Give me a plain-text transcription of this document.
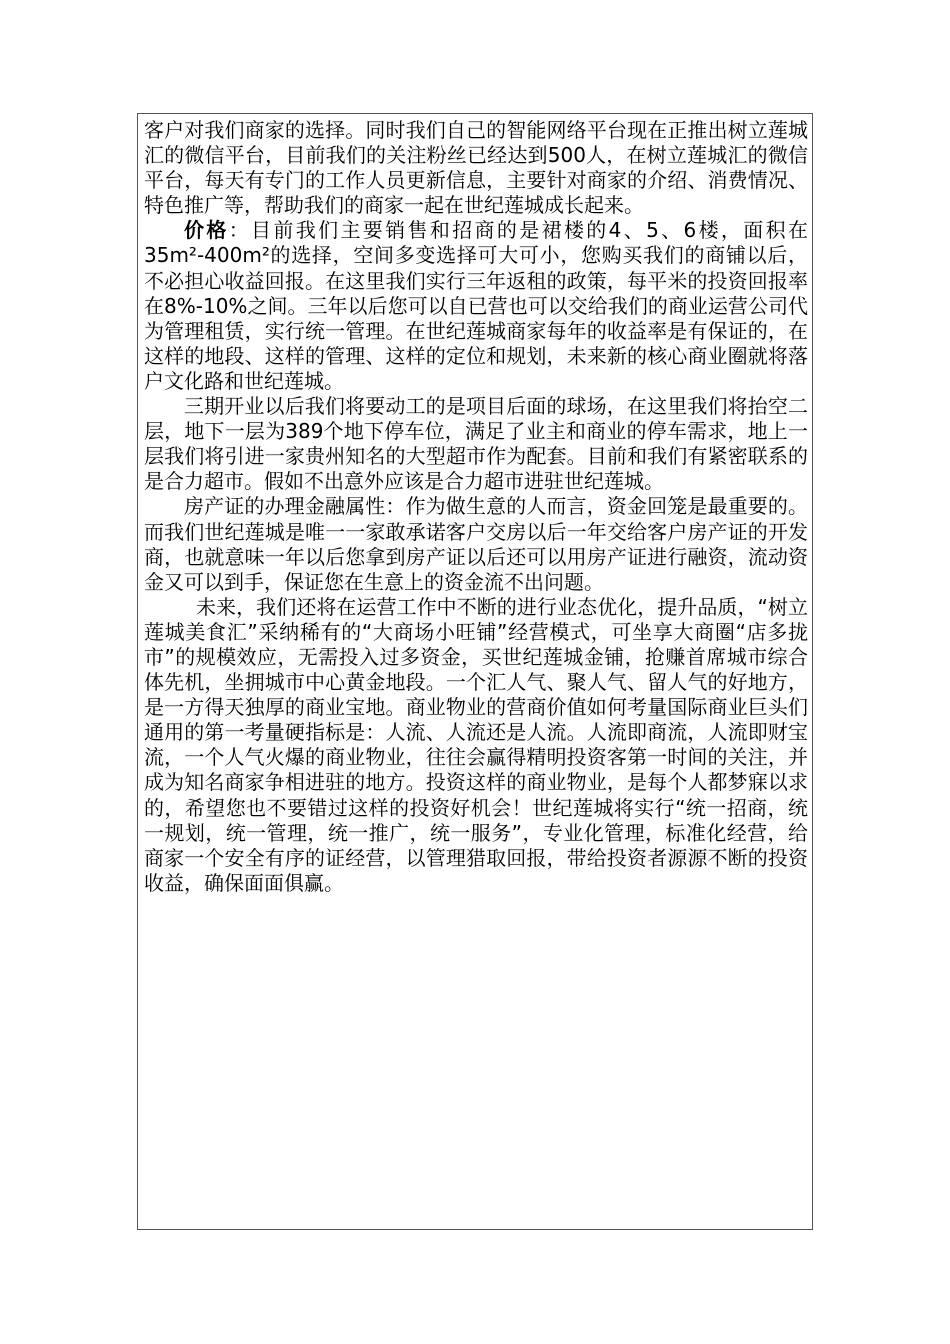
客户对我们商家的选择。同时我们自己的智能网络平台现在正推出树立莲城汇的微信平台，目前我们的关注粉丝已经达到500人，在树立莲城汇的微信平台，每天有专门的工作人员更新信息，主要针对商家的介绍、消费情况、特色推广等，帮助我们的商家一起在世纪莲城成长起来。

价格：目前我们主要销售和招商的是裙楼的4、5、6楼，面积在35m²-400m²的选择，空间多变选择可大可小，您购买我们的商铺以后，不必担心收益回报。在这里我们实行三年返租的政策，每平米的投资回报率在8%-10%之间。三年以后您可以自已营也可以交给我们的商业运营公司代为管理租赁，实行统一管理。在世纪莲城商家每年的收益率是有保证的，在这样的地段、这样的管理、这样的定位和规划，未来新的核心商业圈就将落户文化路和世纪莲城。

三期开业以后我们将要动工的是项目后面的球场，在这里我们将抬空二层，地下一层为389个地下停车位，满足了业主和商业的停车需求，地上一层我们将引进一家贵州知名的大型超市作为配套。目前和我们有紧密联系的是合力超市。假如不出意外应该是合力超市进驻世纪莲城。

房产证的办理金融属性：作为做生意的人而言，资金回笼是最重要的。而我们世纪莲城是唯一一家敢承诺客户交房以后一年交给客户房产证的开发商，也就意味一年以后您拿到房产证以后还可以用房产证进行融资，流动资金又可以到手，保证您在生意上的资金流不出问题。

未来，我们还将在运营工作中不断的进行业态优化，提升品质，“树立莲城美食汇”采纳稀有的“大商场小旺铺”经营模式，可坐享大商圈“店多拢市”的规模效应，无需投入过多资金，买世纪莲城金铺，抢赚首席城市综合体先机，坐拥城市中心黄金地段。一个汇人气、聚人气、留人气的好地方，是一方得天独厚的商业宝地。商业物业的营商价值如何考量国际商业巨头们通用的第一考量硬指标是：人流、人流还是人流。人流即商流，人流即财宝流，一个人气火爆的商业物业，往往会赢得精明投资客第一时间的关注，并成为知名商家争相进驻的地方。投资这样的商业物业，是每个人都梦寐以求的，希望您也不要错过这样的投资好机会！世纪莲城将实行“统一招商，统一规划，统一管理，统一推广，统一服务”，专业化管理，标准化经营，给商家一个安全有序的证经营，以管理猎取回报，带给投资者源源不断的投资收益，确保面面俱赢。
